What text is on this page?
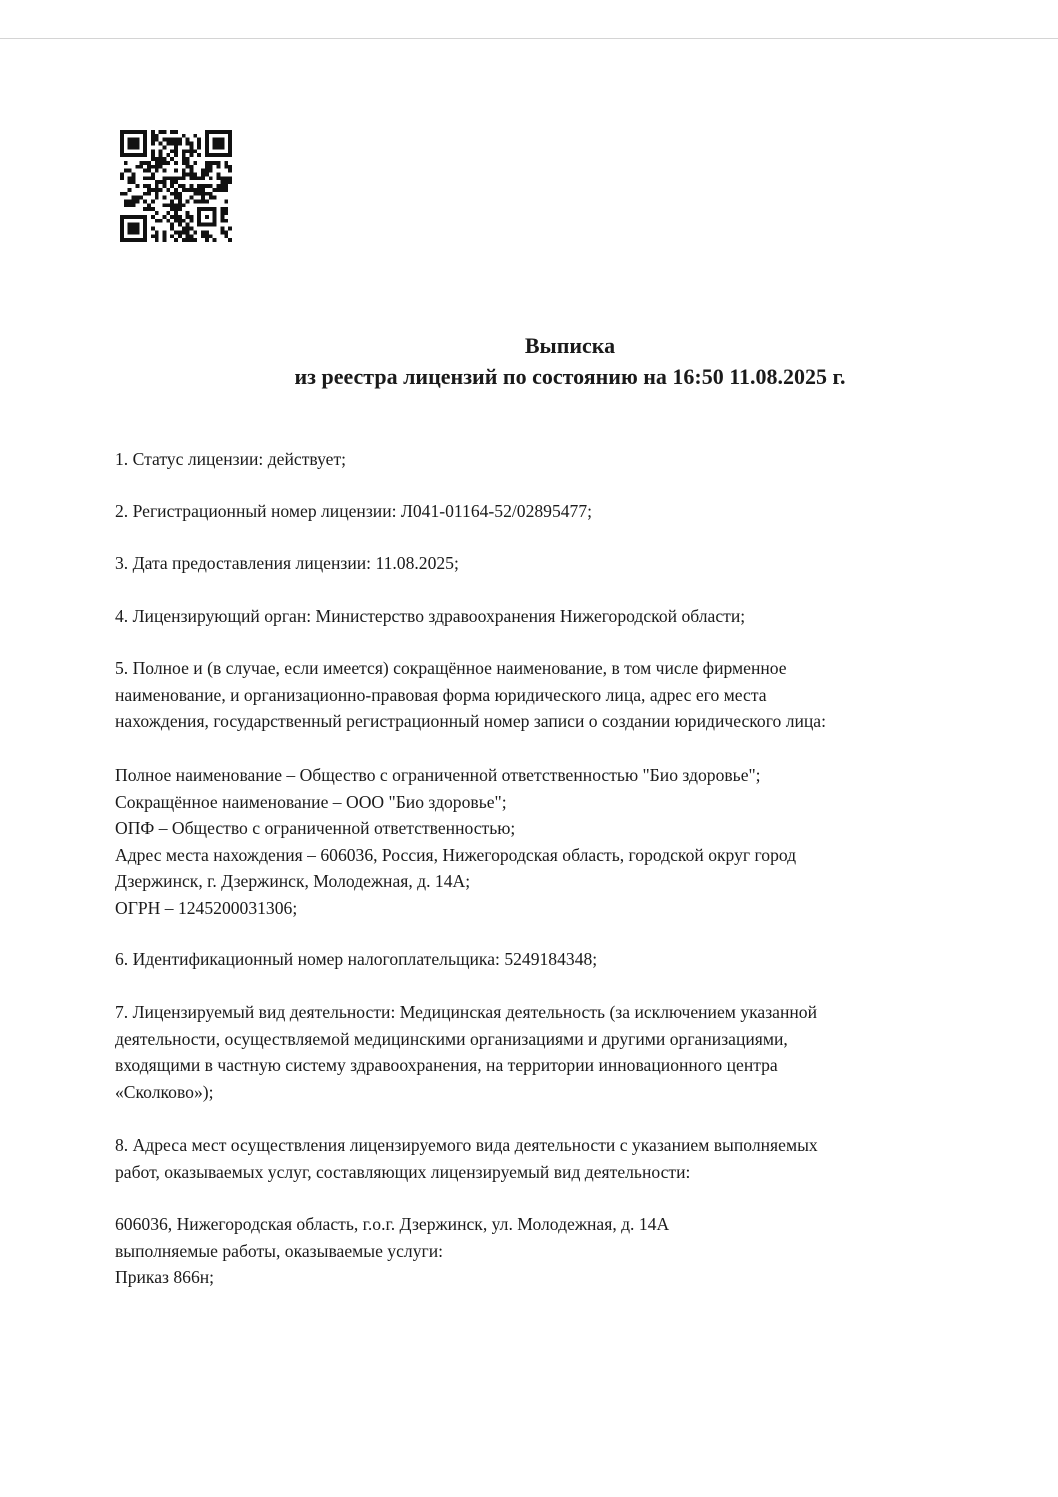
Выписка
из реестра лицензий по состоянию на 16:50 11.08.2025 г.
1. Статус лицензии: действует;
2. Регистрационный номер лицензии: Л041-01164-52/02895477;
3. Дата предоставления лицензии: 11.08.2025;
4. Лицензирующий орган: Министерство здравоохранения Нижегородской области;
5. Полное и (в случае, если имеется) сокращённое наименование, в том числе фирменное
наименование, и организационно-правовая форма юридического лица, адрес его места
нахождения, государственный регистрационный номер записи о создании юридического лица:
Полное наименование – Общество с ограниченной ответственностью "Био здоровье";
Сокращённое наименование – ООО "Био здоровье";
ОПФ – Общество с ограниченной ответственностью;
Адрес места нахождения – 606036, Россия, Нижегородская область, городской округ город
Дзержинск, г. Дзержинск, Молодежная, д. 14А;
ОГРН – 1245200031306;
6. Идентификационный номер налогоплательщика: 5249184348;
7. Лицензируемый вид деятельности: Медицинская деятельность (за исключением указанной
деятельности, осуществляемой медицинскими организациями и другими организациями,
входящими в частную систему здравоохранения, на территории инновационного центра
«Сколково»);
8. Адреса мест осуществления лицензируемого вида деятельности с указанием выполняемых
работ, оказываемых услуг, составляющих лицензируемый вид деятельности:
606036, Нижегородская область, г.о.г. Дзержинск, ул. Молодежная, д. 14А
выполняемые работы, оказываемые услуги:
Приказ 866н;
